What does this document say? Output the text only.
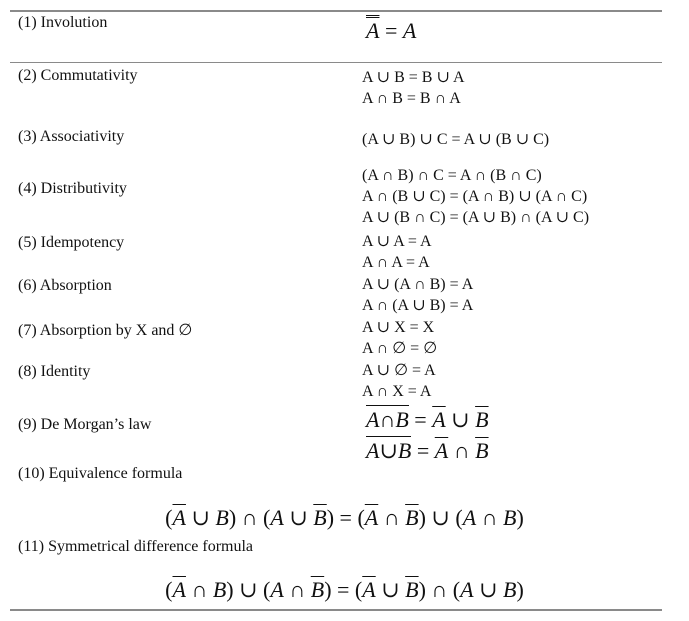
(1) Involution	A = A
(2) Commutativity	A ∪ B = B ∪ A
A ∩ B = B ∩ A
(3) Associativity	(A ∪ B) ∪ C = A ∪ (B ∪ C)
(4) Distributivity
(A ∩ B) ∩ C = A ∩ (B ∩ C)
A ∩ (B ∪ C) = (A ∩ B) ∪ (A ∩ C)
A ∪ (B ∩ C) = (A ∪ B) ∩ (A ∪ C)
(5) Idempotency	A ∪ A = A
A ∩ A = A
(6) Absorption	A ∪ (A ∩ B) = A
A ∩ (A ∪ B) = A
(7) Absorption by X and ∅	A ∪ X = X
A ∩ ∅ = ∅
(8) Identity	A ∪ ∅ = A
A ∩ X = A
(9) De Morgan’s law	A∩B = $\overline{A}$ ∪ $\overline{B}$
A∪B = $\overline{A}$ ∩ $\overline{B}$
(10) Equivalence formula
($\overline{A}$ ∪ B) ∩ (A ∪ $\overline{B}) = (\overline{A}$ ∩ $\overline{B}$) ∪ (A ∩ B)
(11) Symmetrical difference formula
($\overline{A}$ ∩ B) ∪ (A ∩ $\overline{B}) = (\overline{A}$ ∪ $\overline{B}$) ∩ (A ∪ B)
